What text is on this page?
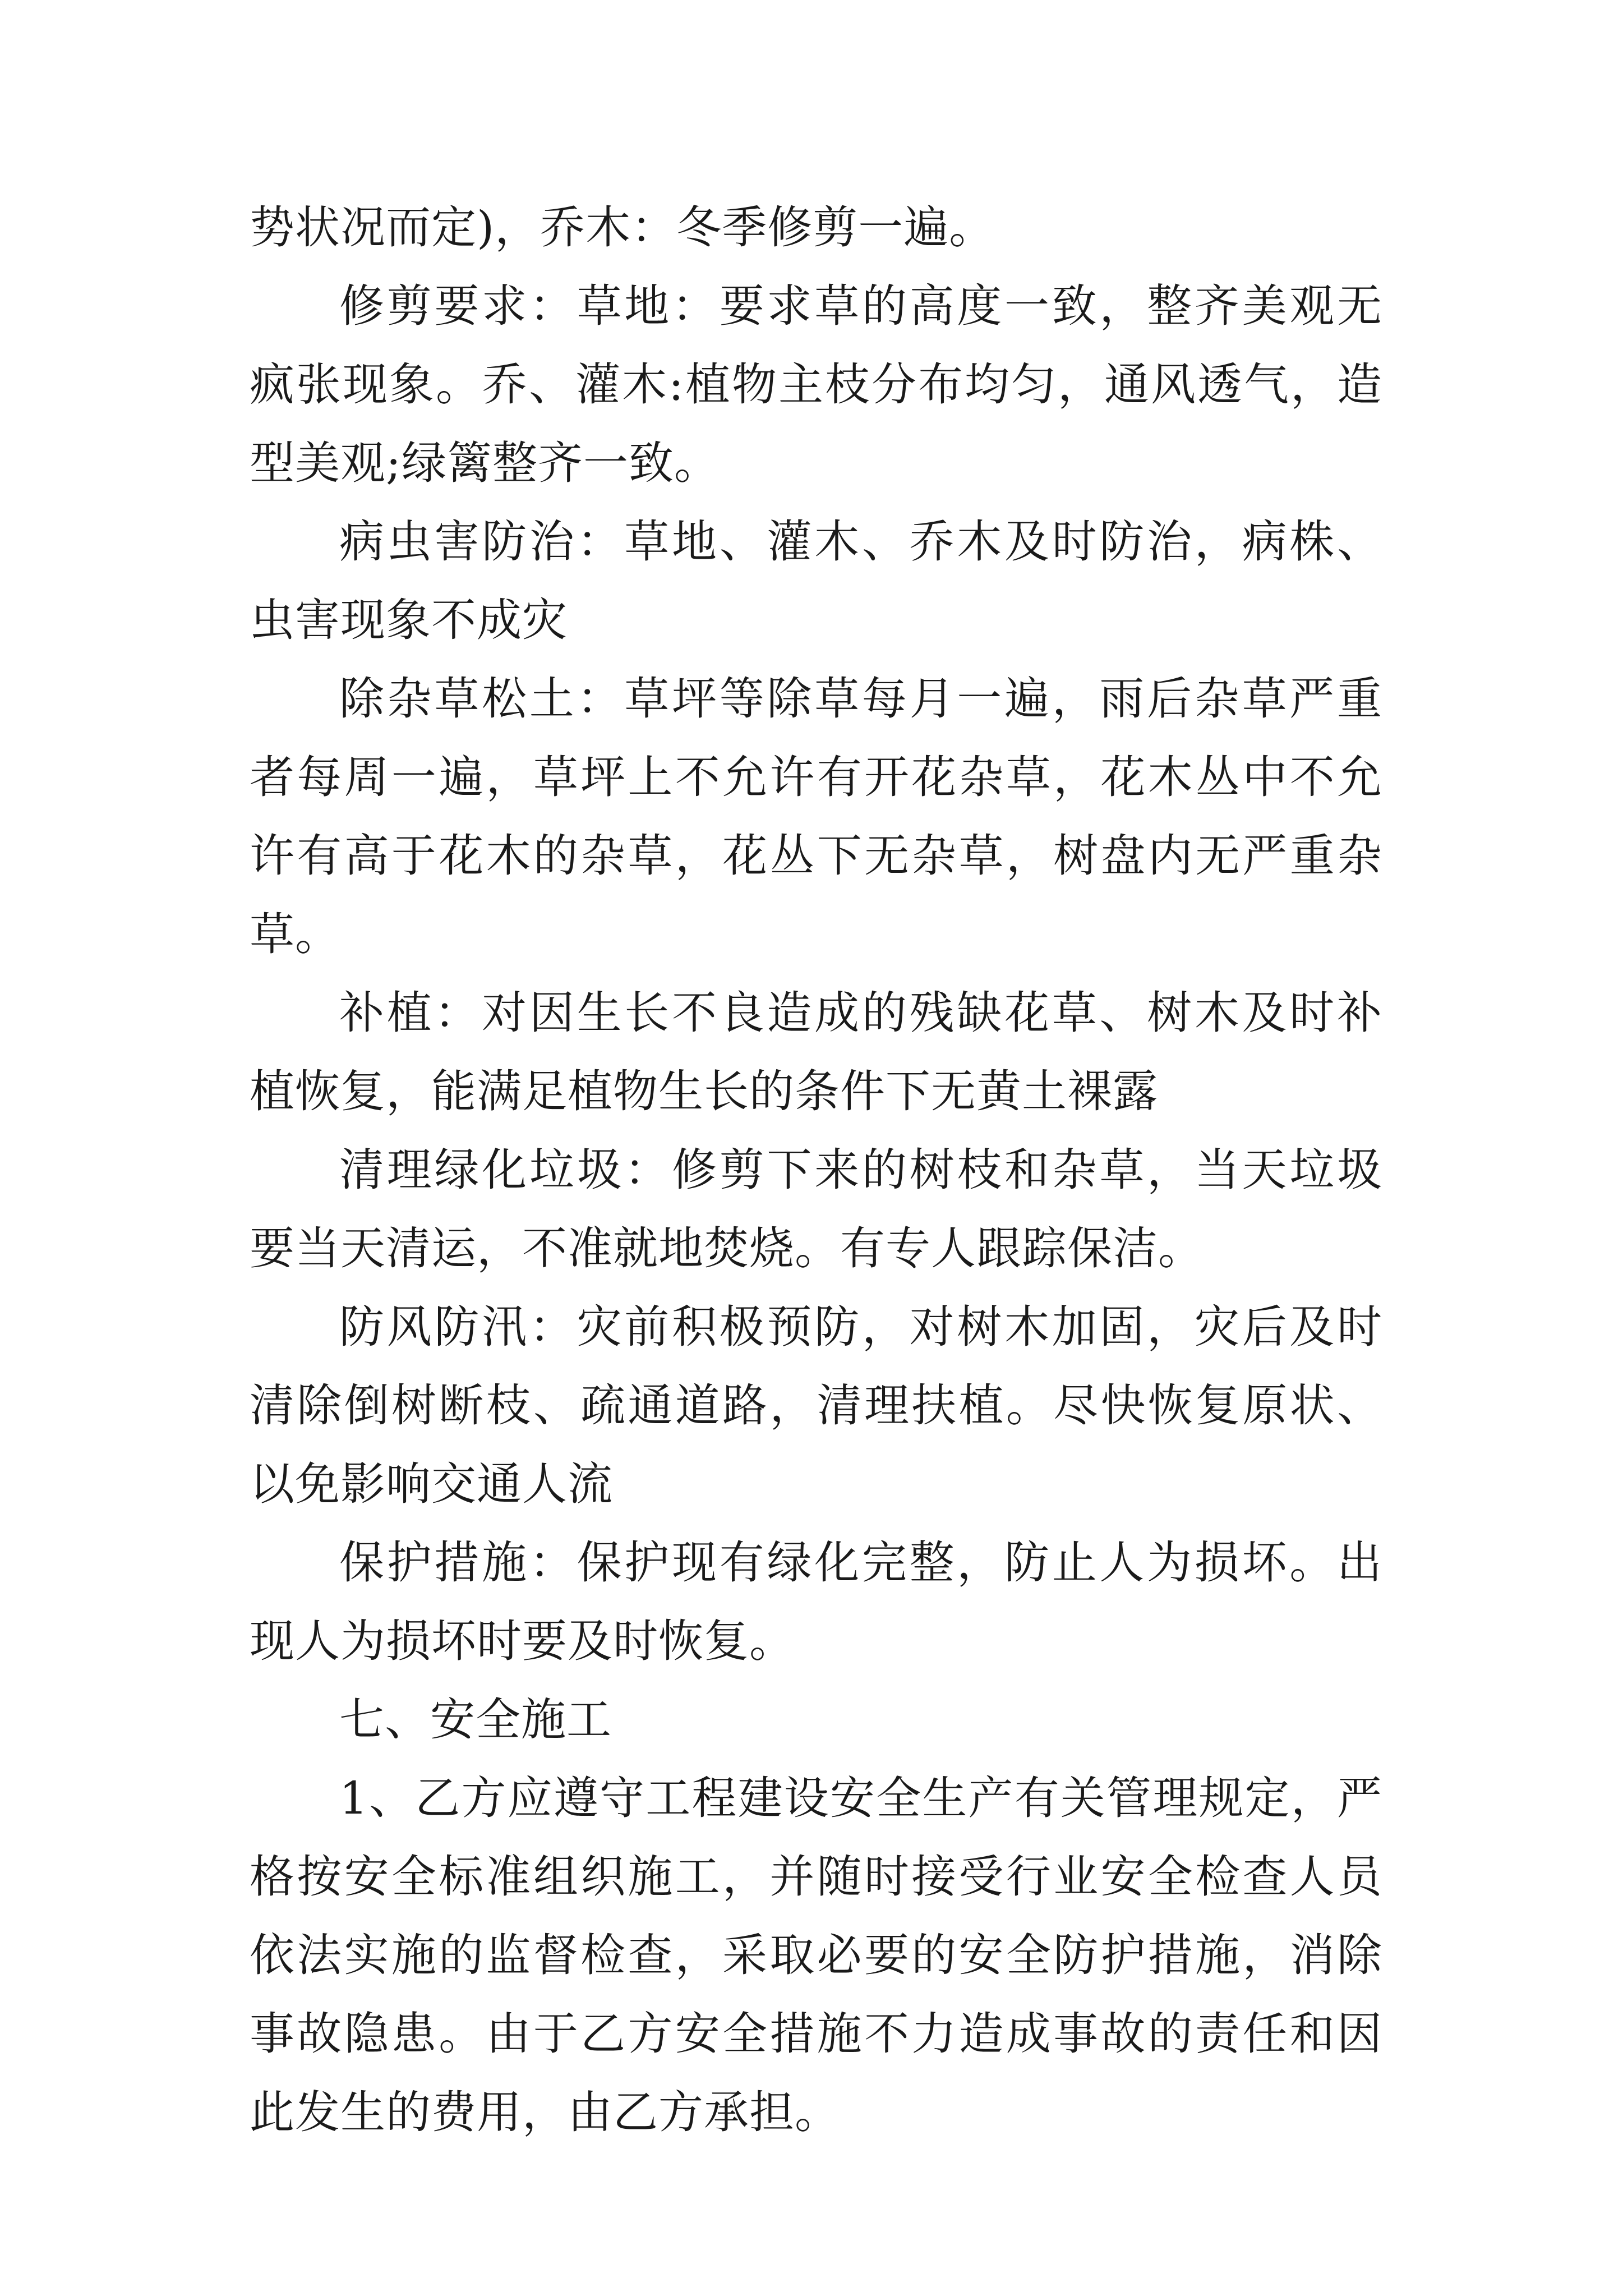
势状况而定)，乔木：冬季修剪一遍。

修剪要求：草地：要求草的高度一致，整齐美观无疯张现象。乔、灌木:植物主枝分布均匀，通风透气，造型美观;绿篱整齐一致。

病虫害防治：草地、灌木、乔木及时防治，病株、虫害现象不成灾

除杂草松土：草坪等除草每月一遍，雨后杂草严重者每周一遍，草坪上不允许有开花杂草，花木丛中不允许有高于花木的杂草，花丛下无杂草，树盘内无严重杂草。

补植：对因生长不良造成的残缺花草、树木及时补植恢复，能满足植物生长的条件下无黄土裸露

清理绿化垃圾：修剪下来的树枝和杂草，当天垃圾要当天清运，不准就地焚烧。有专人跟踪保洁。

防风防汛：灾前积极预防，对树木加固，灾后及时清除倒树断枝、疏通道路，清理扶植。尽快恢复原状、以免影响交通人流

保护措施：保护现有绿化完整，防止人为损坏。出现人为损坏时要及时恢复。

七、安全施工

1、乙方应遵守工程建设安全生产有关管理规定，严格按安全标准组织施工，并随时接受行业安全检查人员依法实施的监督检查，采取必要的安全防护措施，消除事故隐患。由于乙方安全措施不力造成事故的责任和因此发生的费用，由乙方承担。
